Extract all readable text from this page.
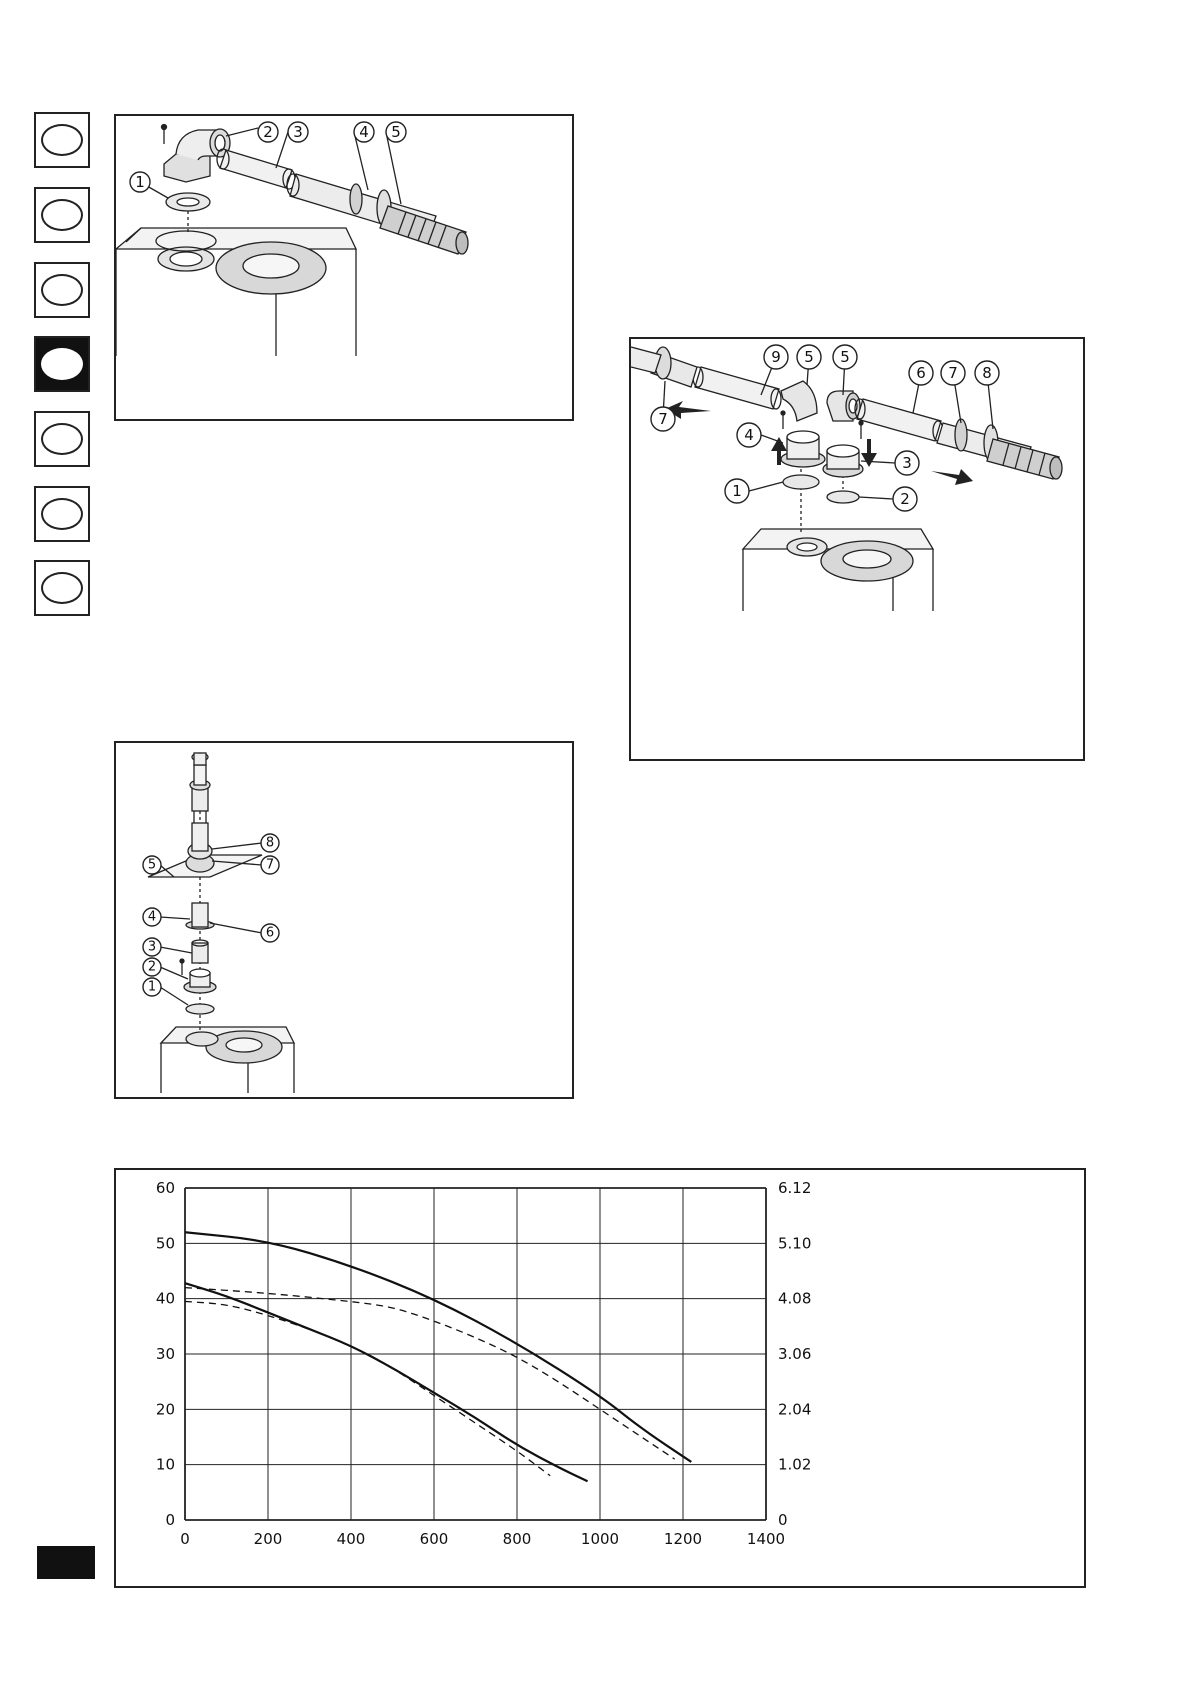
1
2 3	4 5
9 5 5
6 7 8
7
4
3
1	2
8
5	7
4
6
3
2
1
0	200	400	600	800	1000	1200	1400
0
10
20
30
40
50
60
0
1.02
2.04
3.06
4.08
5.10
6.12
